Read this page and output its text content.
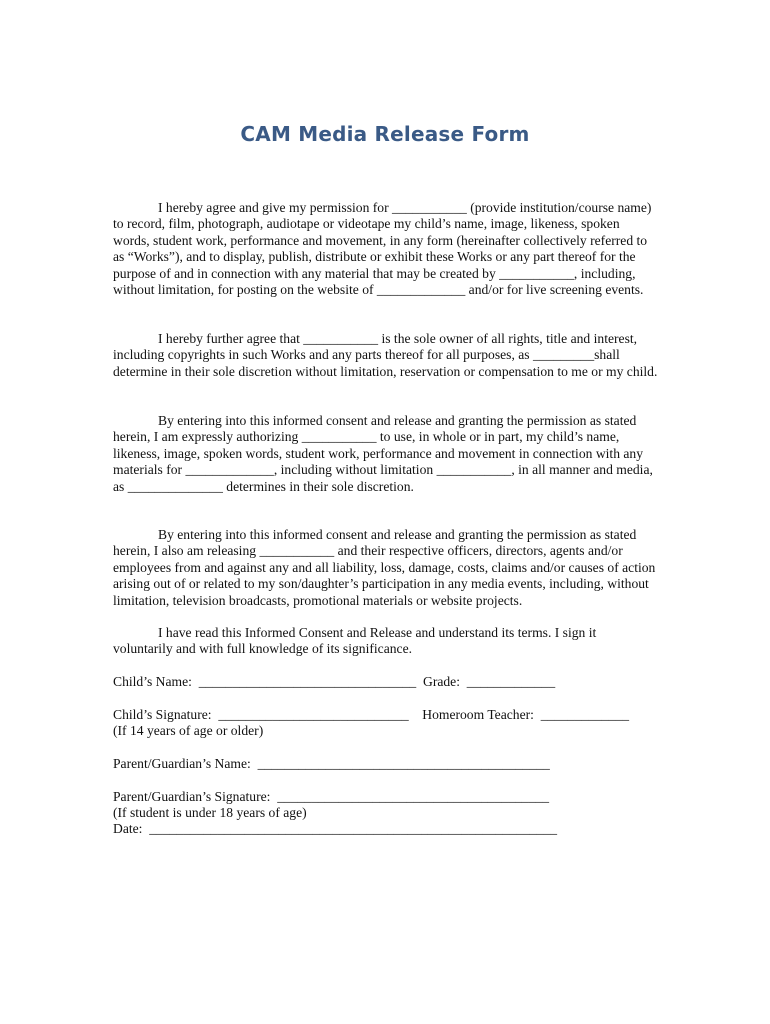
CAM Media Release Form

I hereby agree and give my permission for ___________ (provide institution/course name) to record, film, photograph, audiotape or videotape my child’s name, image, likeness, spoken words, student work, performance and movement, in any form (hereinafter collectively referred to as “Works”), and to display, publish, distribute or exhibit these Works or any part thereof for the purpose of and in connection with any material that may be created by ___________, including, without limitation, for posting on the website of _____________ and/or for live screening events.

I hereby further agree that ___________ is the sole owner of all rights, title and interest, including copyrights in such Works and any parts thereof for all purposes, as _________shall determine in their sole discretion without limitation, reservation or compensation to me or my child.

By entering into this informed consent and release and granting the permission as stated herein, I am expressly authorizing ___________ to use, in whole or in part, my child’s name, likeness, image, spoken words, student work, performance and movement in connection with any materials for _____________, including without limitation ___________, in all manner and media, as ______________ determines in their sole discretion.

By entering into this informed consent and release and granting the permission as stated herein, I also am releasing ___________ and their respective officers, directors, agents and/or employees from and against any and all liability, loss, damage, costs, claims and/or causes of action arising out of or related to my son/daughter’s participation in any media events, including, without limitation, television broadcasts, promotional materials or website projects.

I have read this Informed Consent and Release and understand its terms. I sign it voluntarily and with full knowledge of its significance.

Child’s Name:  ________________________________  Grade:  _____________
Child’s Signature:  ____________________________    Homeroom Teacher:  _____________
(If 14 years of age or older)
Parent/Guardian’s Name:  ___________________________________________
Parent/Guardian’s Signature:  ________________________________________
(If student is under 18 years of age)
Date:  ____________________________________________________________
